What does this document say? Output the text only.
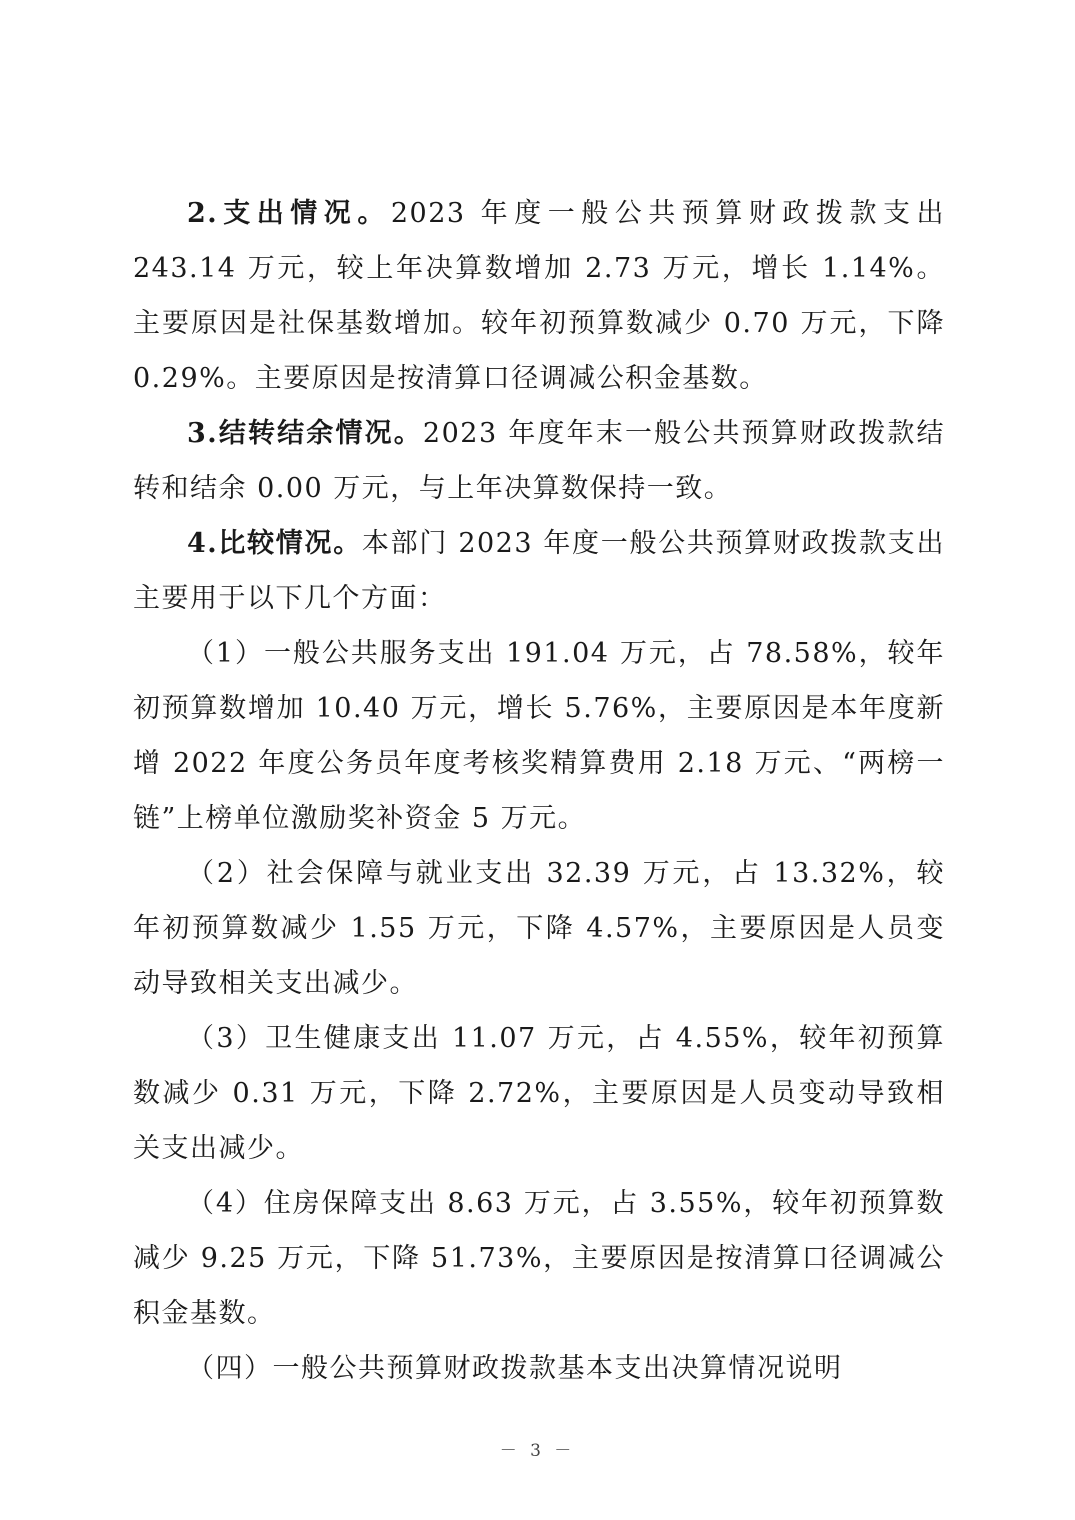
2.支出情况。2023 年度一般公共预算财政拨款支出 243.14 万元，较上年决算数增加 2.73 万元，增长 1.14%。主要原因是社保基数增加。较年初预算数减少 0.70 万元，下降 0.29%。主要原因是按清算口径调减公积金基数。

3.结转结余情况。2023 年度年末一般公共预算财政拨款结转和结余 0.00 万元，与上年决算数保持一致。

4.比较情况。本部门 2023 年度一般公共预算财政拨款支出主要用于以下几个方面：

（1）一般公共服务支出 191.04 万元，占 78.58%，较年初预算数增加 10.40 万元，增长 5.76%，主要原因是本年度新增 2022 年度公务员年度考核奖精算费用 2.18 万元、“两榜一链”上榜单位激励奖补资金 5 万元。

（2）社会保障与就业支出 32.39 万元，占 13.32%，较年初预算数减少 1.55 万元，下降 4.57%，主要原因是人员变动导致相关支出减少。

（3）卫生健康支出 11.07 万元，占 4.55%，较年初预算数减少 0.31 万元，下降 2.72%，主要原因是人员变动导致相关支出减少。

（4）住房保障支出 8.63 万元，占 3.55%，较年初预算数减少 9.25 万元，下降 51.73%，主要原因是按清算口径调减公积金基数。

（四）一般公共预算财政拨款基本支出决算情况说明

－ 3 －
